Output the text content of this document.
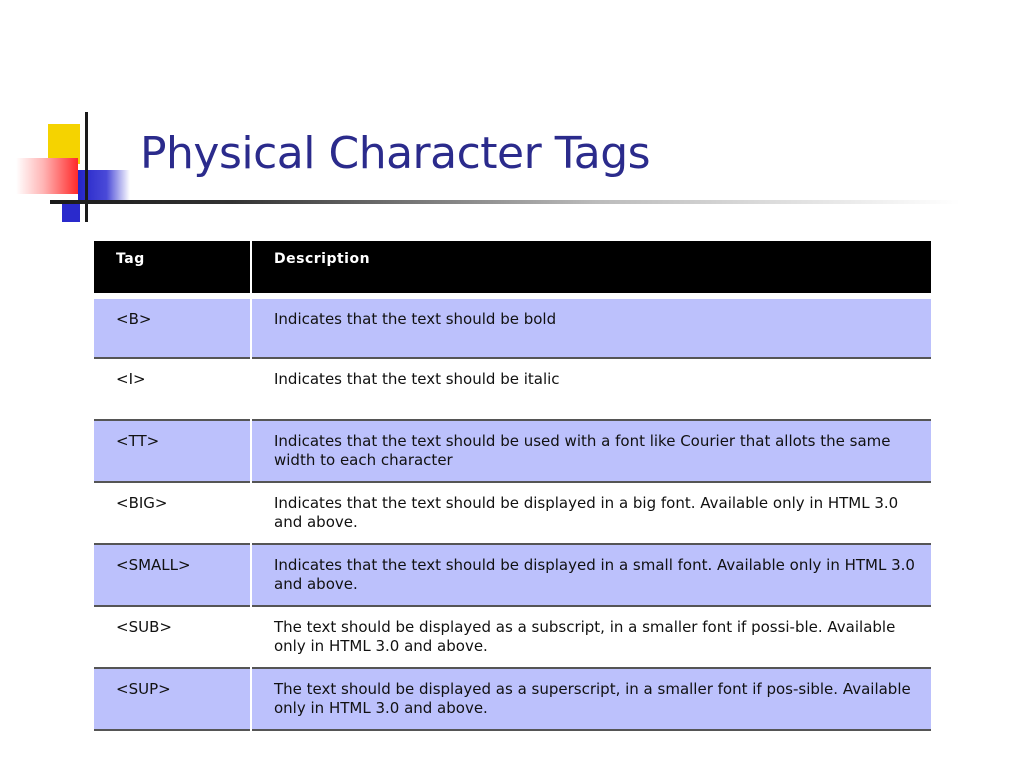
Physical Character Tags
Tag	Description
<B>	Indicates that the text should be bold
<I>	Indicates that the text should be italic
<TT>	Indicates that the text should be used with a font like Courier that allots the same width to each character
<BIG>	Indicates that the text should be displayed in a big font. Available only in HTML 3.0 and above.
<SMALL>	Indicates that the text should be displayed in a small font. Available only in HTML 3.0 and above.
<SUB>	The text should be displayed as a subscript, in a smaller font if possi-ble. Available only in HTML 3.0 and above.
<SUP>	The text should be displayed as a superscript, in a smaller font if pos-sible. Available only in HTML 3.0 and above.
